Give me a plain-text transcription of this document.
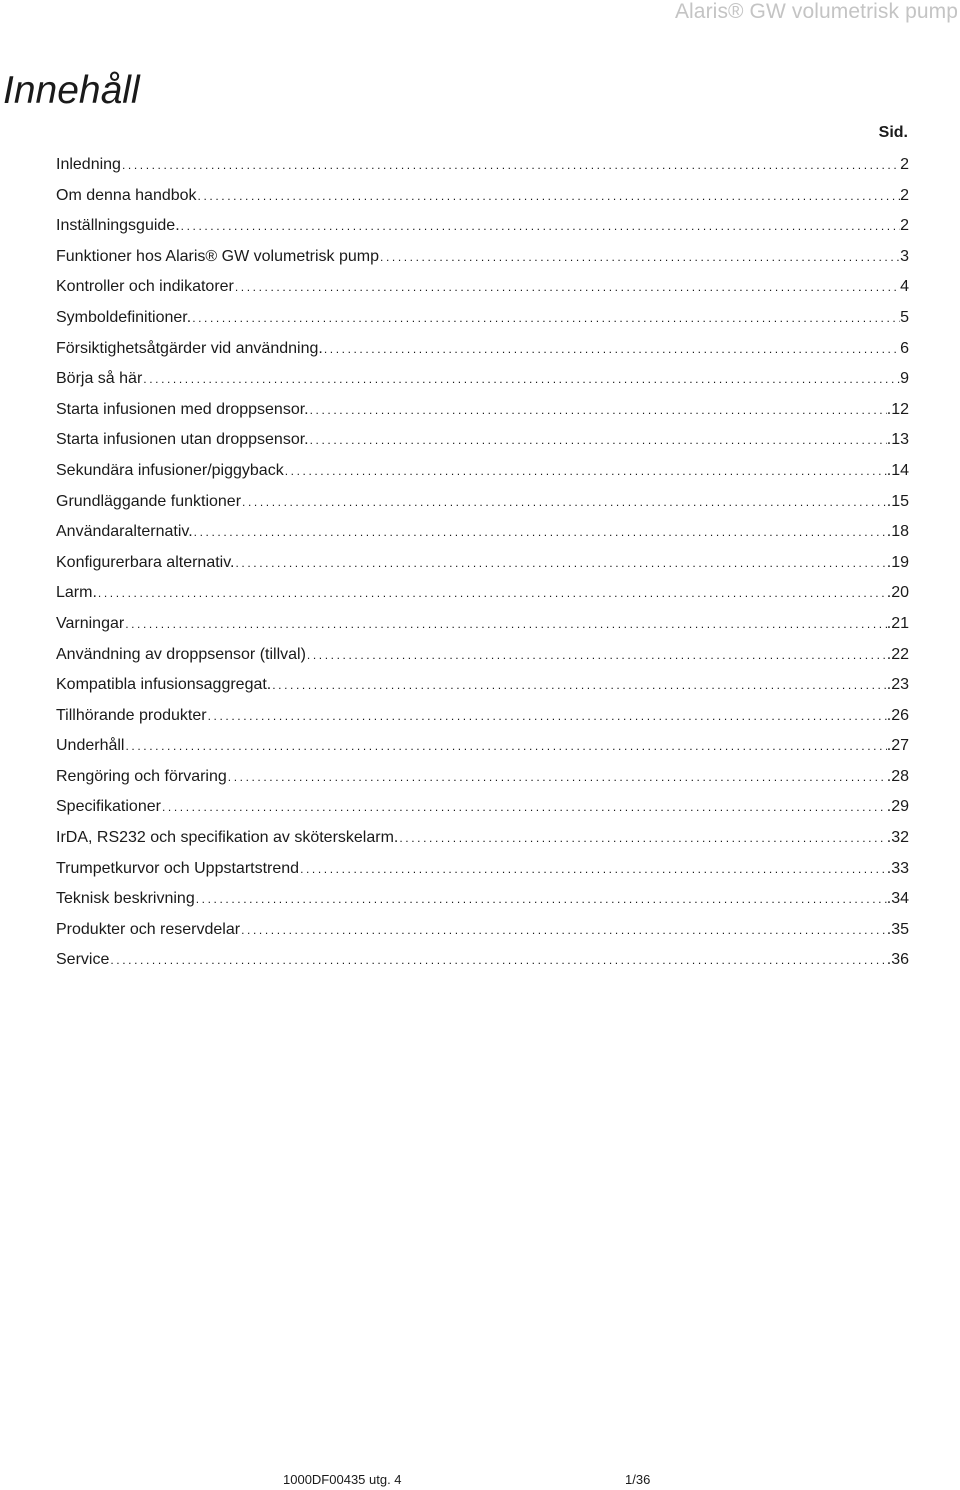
Alaris® GW volumetrisk pump
Innehåll
Sid.
Inledning .....	2
Om denna handbok .....	2
Inställningsguide. .....	2
Funktioner hos Alaris® GW volumetrisk pump .....	3
Kontroller och indikatorer .....	4
Symboldefinitioner. .....	5
Försiktighetsåtgärder vid användning. .....	6
Börja så här .....	9
Starta infusionen med droppsensor. .....	.12
Starta infusionen utan droppsensor. .....	.13
Sekundära infusioner/piggyback .....	.14
Grundläggande funktioner .....	.15
Användaralternativ. .....	.18
Konfigurerbara alternativ. .....	.19
Larm. .....	.20
Varningar .....	.21
Användning av droppsensor (tillval) .....	.22
Kompatibla infusionsaggregat. .....	.23
Tillhörande produkter .....	.26
Underhåll .....	.27
Rengöring och förvaring .....	.28
Specifikationer .....	.29
IrDA, RS232 och specifikation av sköterskelarm. .....	.32
Trumpetkurvor och Uppstartstrend .....	.33
Teknisk beskrivning .....	.34
Produkter och reservdelar .....	.35
Service .....	.36
1000DF00435 utg. 4	1/36
